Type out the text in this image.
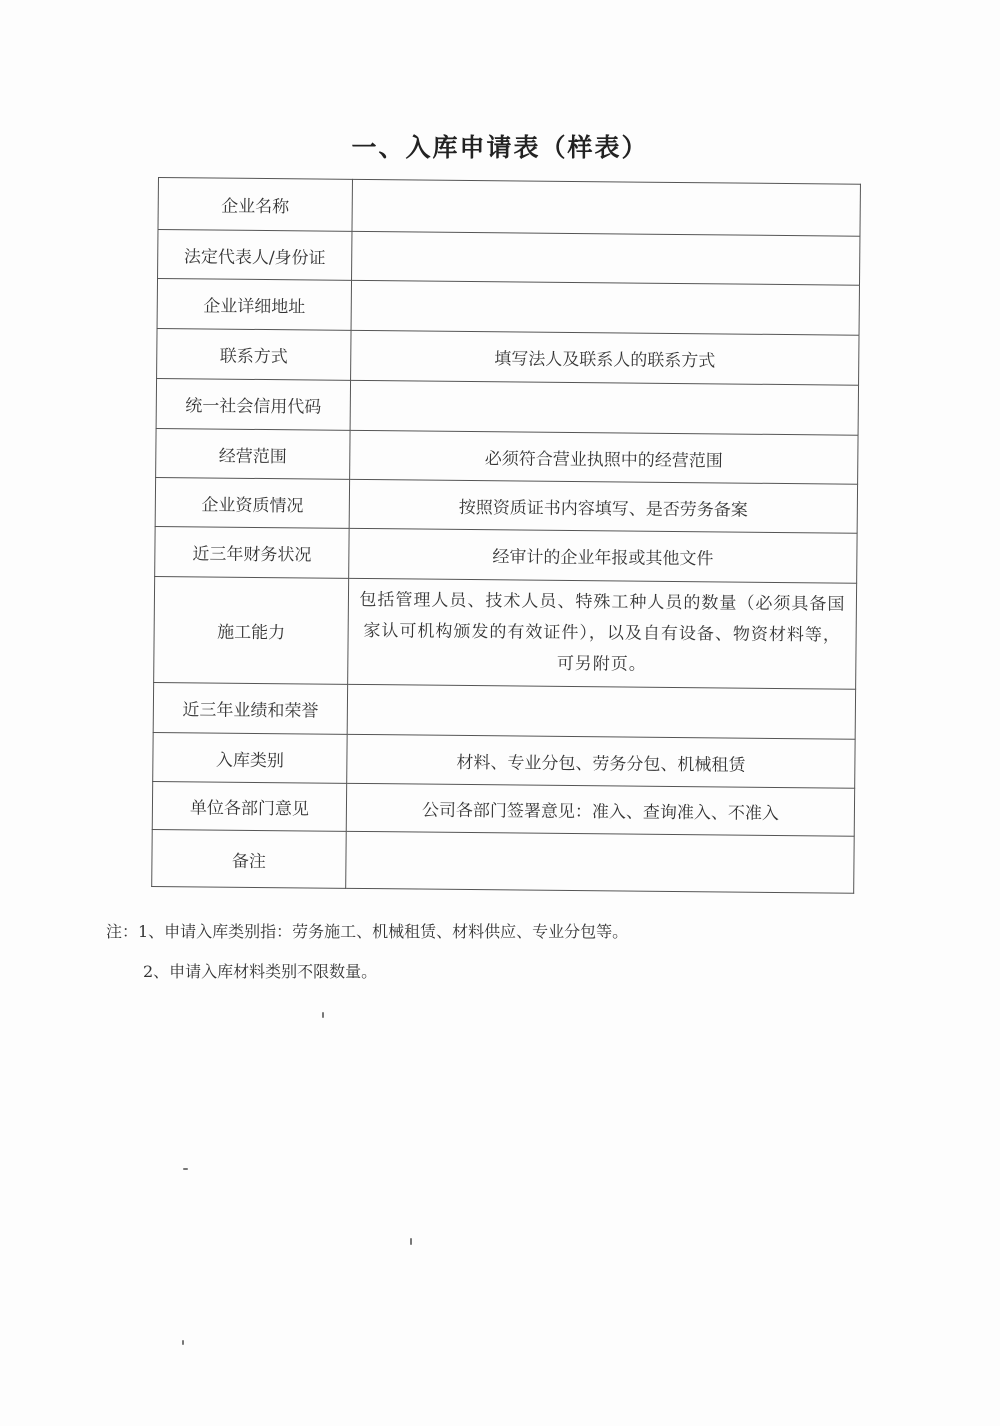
一、入库申请表（样表）
企业名称	
法定代表人/身份证	
企业详细地址	
联系方式	填写法人及联系人的联系方式
统一社会信用代码	
经营范围	必须符合营业执照中的经营范围
企业资质情况	按照资质证书内容填写、是否劳务备案
近三年财务状况	经审计的企业年报或其他文件
施工能力	包括管理人员、技术人员、特殊工种人员的数量（必须具备国家认可机构颁发的有效证件），以及自有设备、物资材料等，可另附页。
近三年业绩和荣誉	
入库类别	材料、专业分包、劳务分包、机械租赁
单位各部门意见	公司各部门签署意见：准入、查询准入、不准入
备注	
注：1、申请入库类别指：劳务施工、机械租赁、材料供应、专业分包等。
2、申请入库材料类别不限数量。
